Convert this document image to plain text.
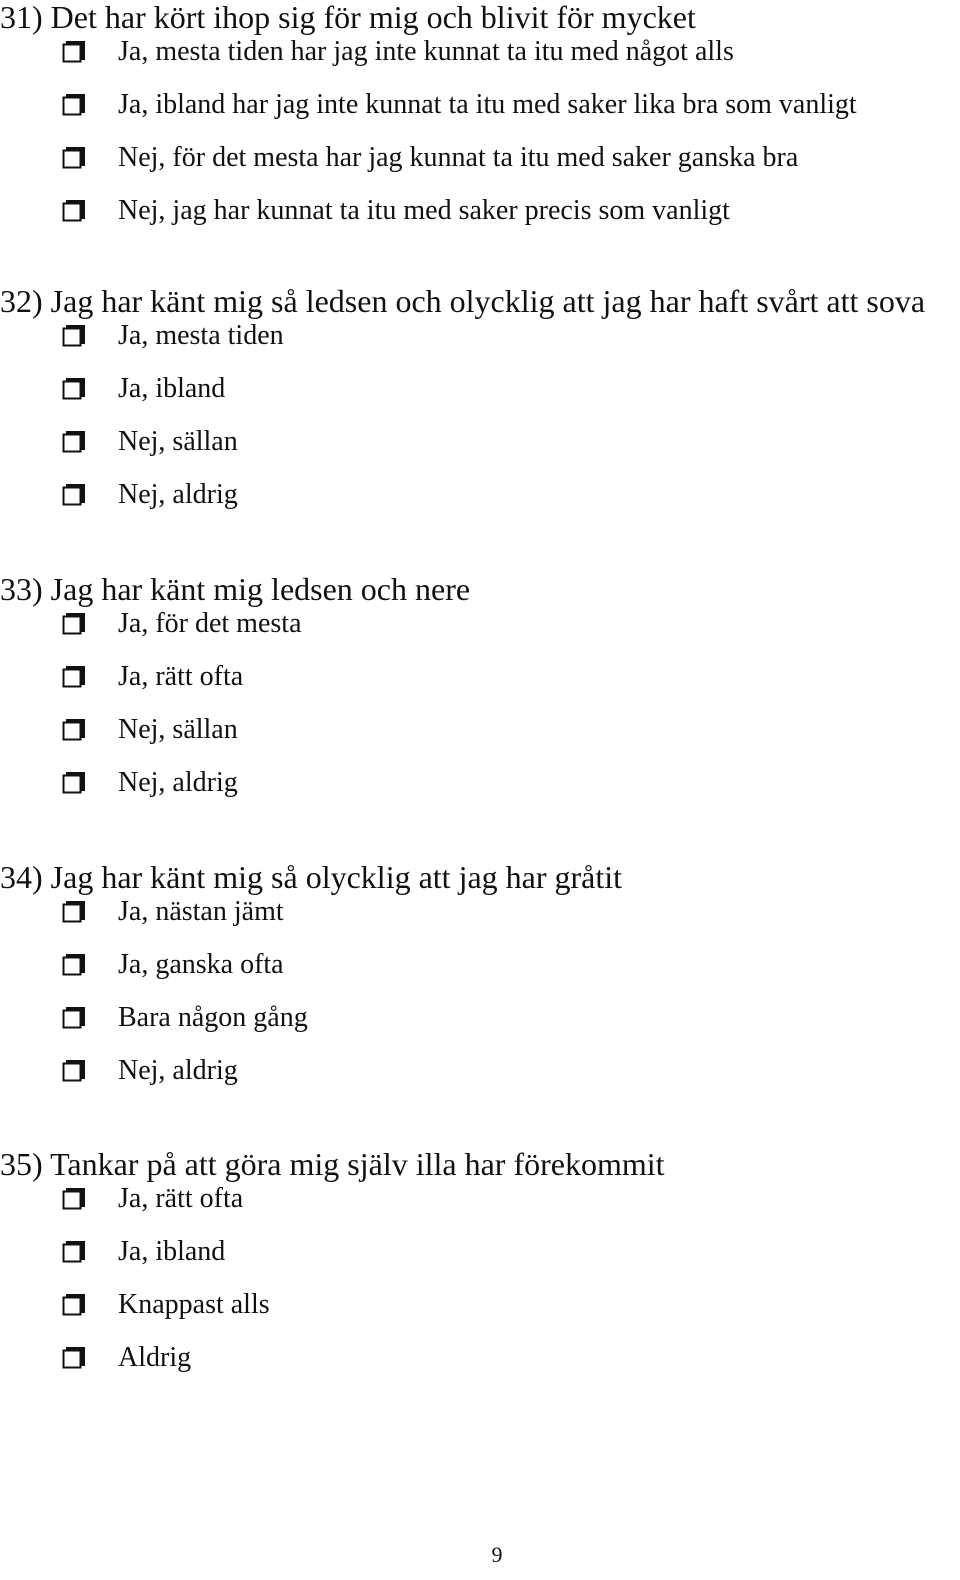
31) Det har kört ihop sig för mig och blivit för mycket
Ja, mesta tiden har jag inte kunnat ta itu med något alls
Ja, ibland har jag inte kunnat ta itu med saker lika bra som vanligt
Nej, för det mesta har jag kunnat ta itu med saker ganska bra
Nej, jag har kunnat ta itu med saker precis som vanligt
32) Jag har känt mig så ledsen och olycklig att jag har haft svårt att sova
Ja, mesta tiden
Ja, ibland
Nej, sällan
Nej, aldrig
33) Jag har känt mig ledsen och nere
Ja, för det mesta
Ja, rätt ofta
Nej, sällan
Nej, aldrig
34) Jag har känt mig så olycklig att jag har gråtit
Ja, nästan jämt
Ja, ganska ofta
Bara någon gång
Nej, aldrig
35) Tankar på att göra mig själv illa har förekommit
Ja, rätt ofta
Ja, ibland
Knappast alls
Aldrig
9
